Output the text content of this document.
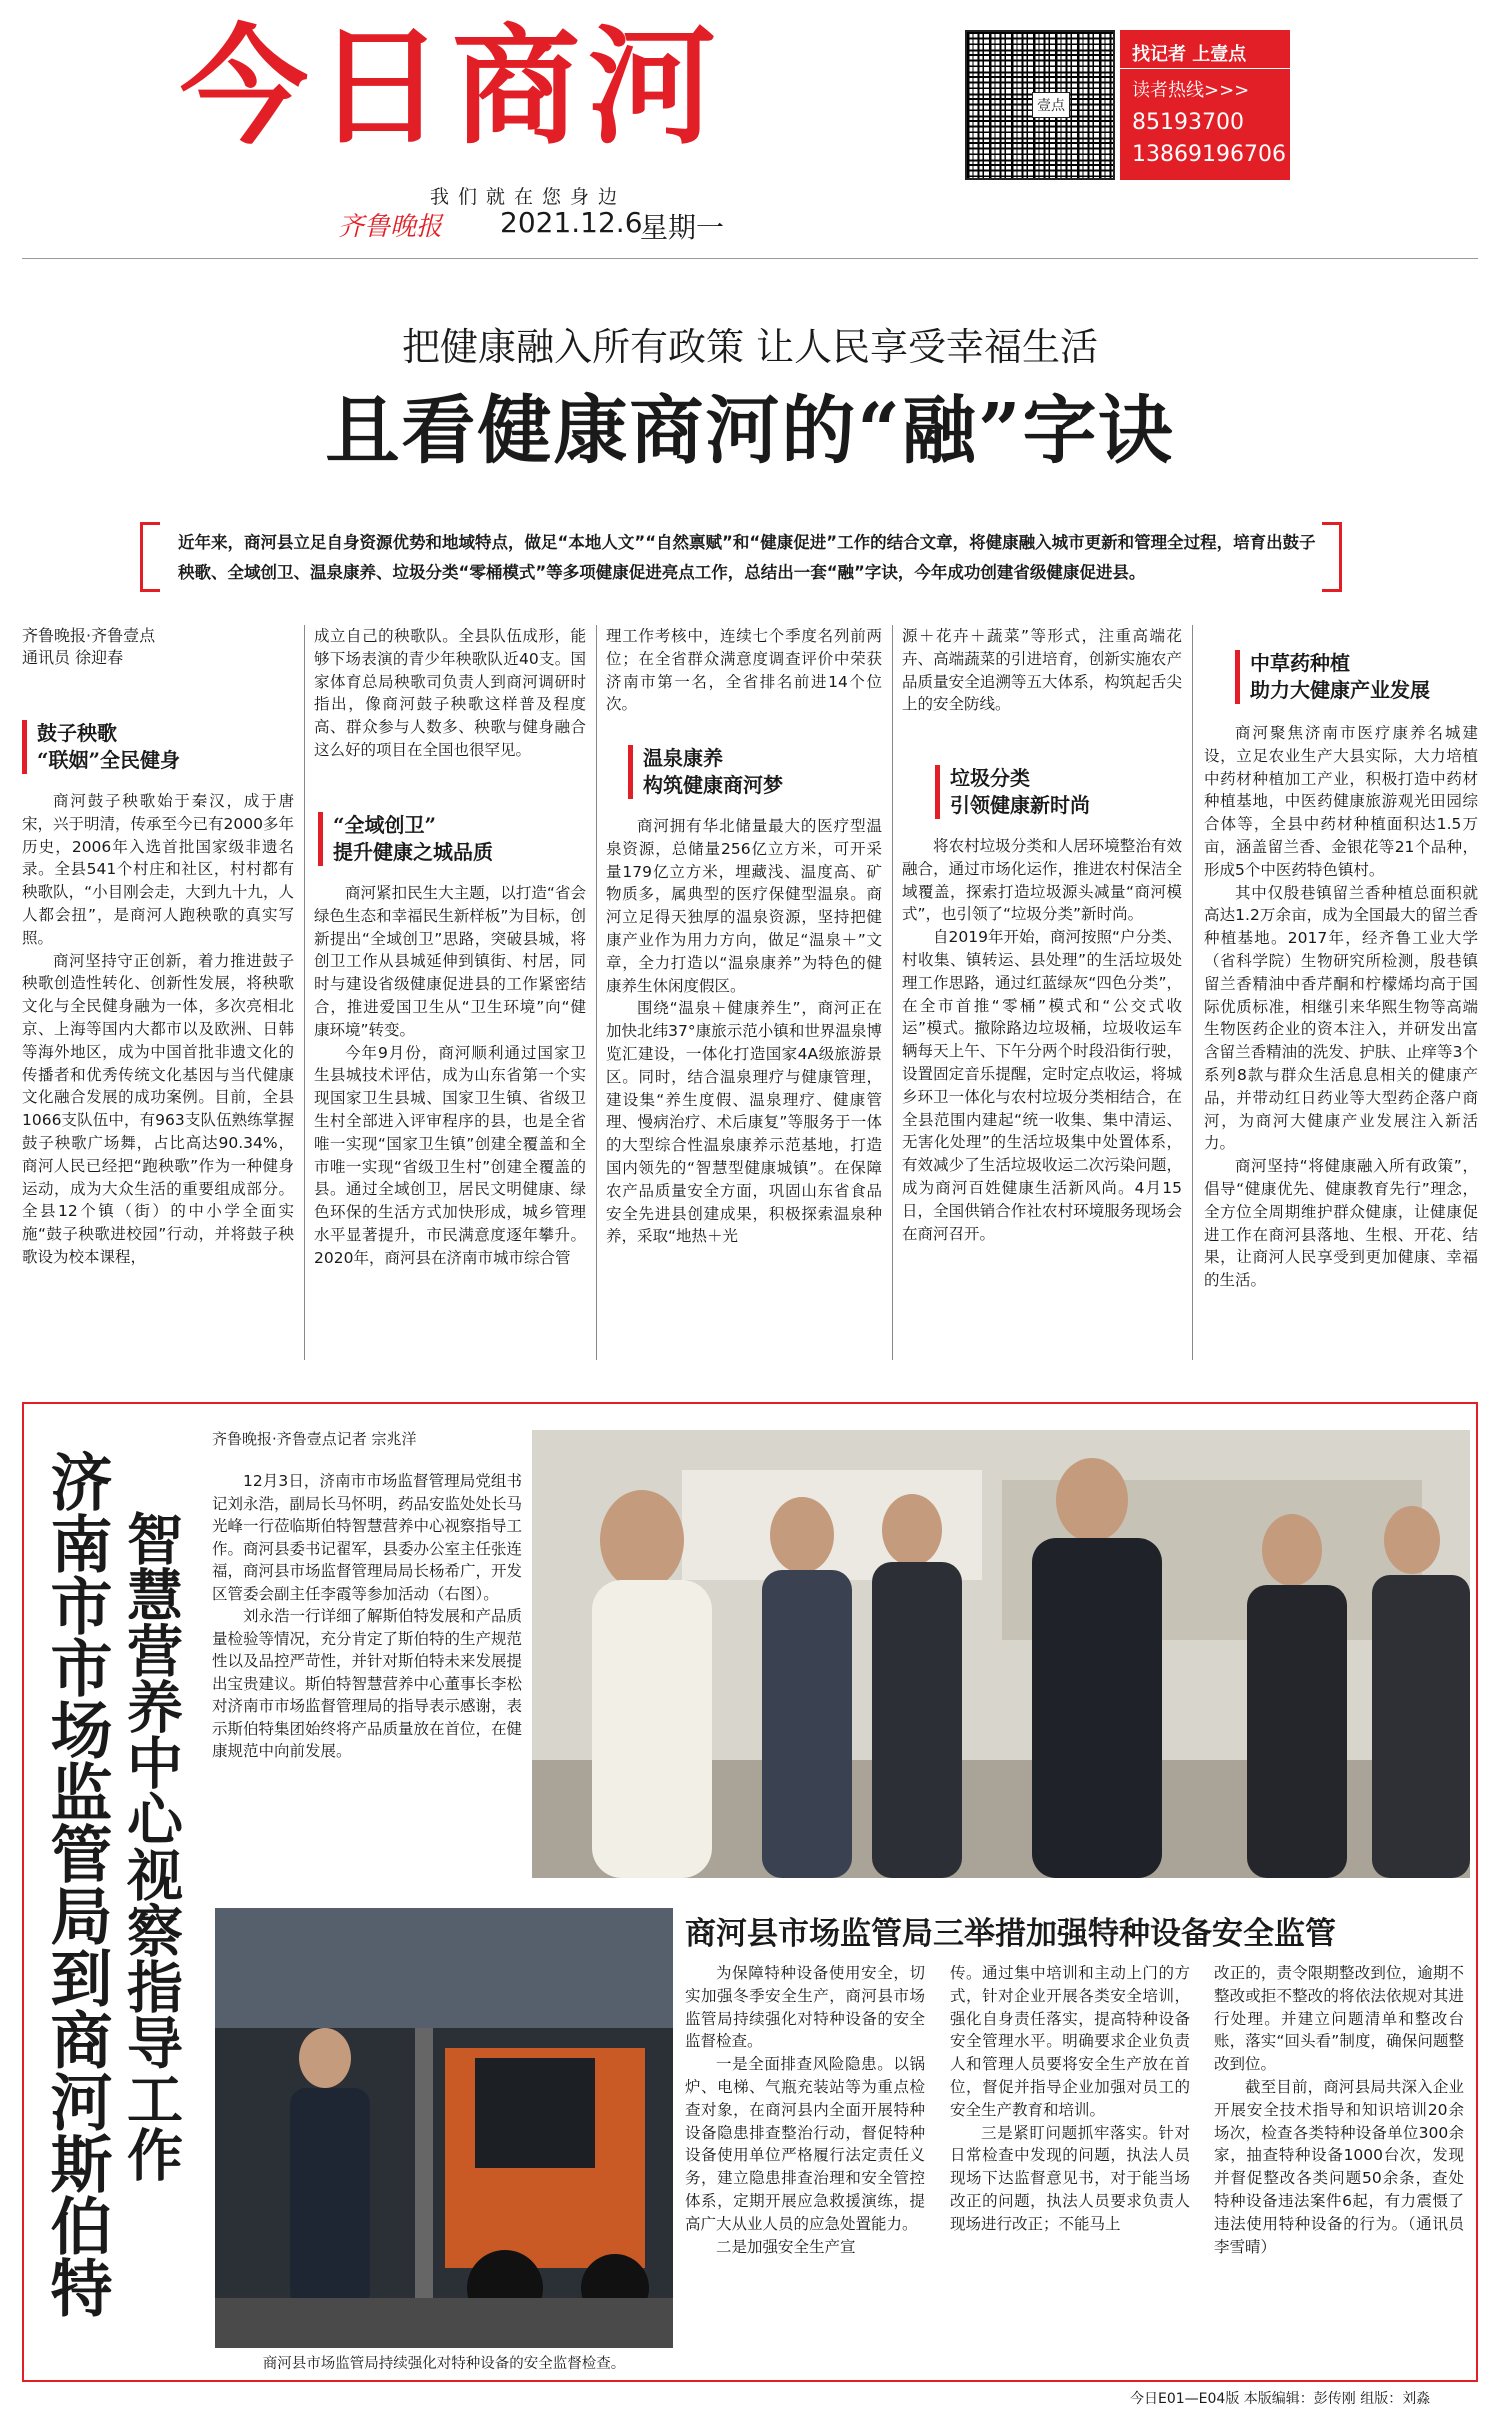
今日商河	壹点
找记者 上壹点
读者热线>>>
85193700
13869196706
我们就在您身边
齐鲁晚报 2021.12.6
星期一
把健康融入所有政策 让人民享受幸福生活
且看健康商河的“融”字诀
近年来，商河县立足自身资源优势和地域特点，做足“本地人文”“自然禀赋”和“健康促进”工作的结合文章，将健康融入城市更新和管理全过程，培育出鼓子秧歌、全域创卫、温泉康养、垃圾分类“零桶模式”等多项健康促进亮点工作，总结出一套“融”字诀，今年成功创建省级健康促进县。
齐鲁晚报·齐鲁壹点
通讯员 徐迎春
鼓子秧歌
“联姻”全民健身

商河鼓子秧歌始于秦汉，成于唐宋，兴于明清，传承至今已有2000多年历史，2006年入选首批国家级非遗名录。全县541个村庄和社区，村村都有秧歌队，“小目刚会走，大到九十九，人人都会扭”，是商河人跑秧歌的真实写照。

商河坚持守正创新，着力推进鼓子秧歌创造性转化、创新性发展，将秧歌文化与全民健身融为一体，多次亮相北京、上海等国内大都市以及欧洲、日韩等海外地区，成为中国首批非遗文化的传播者和优秀传统文化基因与当代健康文化融合发展的成功案例。目前，全县1066支队伍中，有963支队伍熟练掌握鼓子秧歌广场舞，占比高达90.34%，商河人民已经把“跑秧歌”作为一种健身运动，成为大众生活的重要组成部分。全县12个镇（街）的中小学全面实施“鼓子秧歌进校园”行动，并将鼓子秧歌设为校本课程，

成立自己的秧歌队。全县队伍成形，能够下场表演的青少年秧歌队近40支。国家体育总局秧歌司负责人到商河调研时指出，像商河鼓子秧歌这样普及程度高、群众参与人数多、秧歌与健身融合这么好的项目在全国也很罕见。

“全域创卫”
提升健康之城品质

商河紧扣民生大主题，以打造“省会绿色生态和幸福民生新样板”为目标，创新提出“全域创卫”思路，突破县城，将创卫工作从县城延伸到镇街、村居，同时与建设省级健康促进县的工作紧密结合，推进爱国卫生从“卫生环境”向“健康环境”转变。

今年9月份，商河顺利通过国家卫生县城技术评估，成为山东省第一个实现国家卫生县城、国家卫生镇、省级卫生村全部进入评审程序的县，也是全省唯一实现“国家卫生镇”创建全覆盖和全市唯一实现“省级卫生村”创建全覆盖的县。通过全域创卫，居民文明健康、绿色环保的生活方式加快形成，城乡管理水平显著提升，市民满意度逐年攀升。2020年，商河县在济南市城市综合管

理工作考核中，连续七个季度名列前两位；在全省群众满意度调查评价中荣获济南市第一名，全省排名前进14个位次。

温泉康养
构筑健康商河梦

商河拥有华北储量最大的医疗型温泉资源，总储量256亿立方米，可开采量179亿立方米，埋藏浅、温度高、矿物质多，属典型的医疗保健型温泉。商河立足得天独厚的温泉资源，坚持把健康产业作为用力方向，做足“温泉＋”文章，全力打造以“温泉康养”为特色的健康养生休闲度假区。

围绕“温泉＋健康养生”，商河正在加快北纬37°康旅示范小镇和世界温泉博览汇建设，一体化打造国家4A级旅游景区。同时，结合温泉理疗与健康管理，建设集“养生度假、温泉理疗、健康管理、慢病治疗、术后康复”等服务于一体的大型综合性温泉康养示范基地，打造国内领先的“智慧型健康城镇”。在保障农产品质量安全方面，巩固山东省食品安全先进县创建成果，积极探索温泉种养，采取“地热＋光

源＋花卉＋蔬菜”等形式，注重高端花卉、高端蔬菜的引进培育，创新实施农产品质量安全追溯等五大体系，构筑起舌尖上的安全防线。

垃圾分类
引领健康新时尚

将农村垃圾分类和人居环境整治有效融合，通过市场化运作，推进农村保洁全域覆盖，探索打造垃圾源头减量“商河模式”，也引领了“垃圾分类”新时尚。

自2019年开始，商河按照“户分类、村收集、镇转运、县处理”的生活垃圾处理工作思路，通过红蓝绿灰“四色分类”，在全市首推“零桶”模式和“公交式收运”模式。撤除路边垃圾桶，垃圾收运车辆每天上午、下午分两个时段沿街行驶，设置固定音乐提醒，定时定点收运，将城乡环卫一体化与农村垃圾分类相结合，在全县范围内建起“统一收集、集中清运、无害化处理”的生活垃圾集中处置体系，有效减少了生活垃圾收运二次污染问题，成为商河百姓健康生活新风尚。4月15日，全国供销合作社农村环境服务现场会在商河召开。

中草药种植
助力大健康产业发展

商河聚焦济南市医疗康养名城建设，立足农业生产大县实际，大力培植中药材种植加工产业，积极打造中药材种植基地，中医药健康旅游观光田园综合体等，全县中药材种植面积达1.5万亩，涵盖留兰香、金银花等21个品种，形成5个中医药特色镇村。

其中仅殷巷镇留兰香种植总面积就高达1.2万余亩，成为全国最大的留兰香种植基地。2017年，经齐鲁工业大学（省科学院）生物研究所检测，殷巷镇留兰香精油中香芹酮和柠檬烯均高于国际优质标准，相继引来华熙生物等高端生物医药企业的资本注入，并研发出富含留兰香精油的洗发、护肤、止痒等3个系列8款与群众生活息息相关的健康产品，并带动红日药业等大型药企落户商河，为商河大健康产业发展注入新活力。

商河坚持“将健康融入所有政策”，倡导“健康优先、健康教育先行”理念，全方位全周期维护群众健康，让健康促进工作在商河县落地、生根、开花、结果，让商河人民享受到更加健康、幸福的生活。

济南市市场监管局到商河斯伯特 智慧营养中心视察指导工作
齐鲁晚报·齐鲁壹点记者 宗兆洋

12月3日，济南市市场监督管理局党组书记刘永浩，副局长马怀明，药品安监处处长马光峰一行莅临斯伯特智慧营养中心视察指导工作。商河县委书记翟军，县委办公室主任张连福，商河县市场监督管理局局长杨希广，开发区管委会副主任李霞等参加活动（右图）。

刘永浩一行详细了解斯伯特发展和产品质量检验等情况，充分肯定了斯伯特的生产规范性以及品控严苛性，并针对斯伯特未来发展提出宝贵建议。斯伯特智慧营养中心董事长李松对济南市市场监督管理局的指导表示感谢，表示斯伯特集团始终将产品质量放在首位，在健康规范中向前发展。

商河县市场监管局持续强化对特种设备的安全监督检查。
商河县市场监管局三举措加强特种设备安全监管

为保障特种设备使用安全，切实加强冬季安全生产，商河县市场监管局持续强化对特种设备的安全监督检查。

一是全面排查风险隐患。以锅炉、电梯、气瓶充装站等为重点检查对象，在商河县内全面开展特种设备隐患排查整治行动，督促特种设备使用单位严格履行法定责任义务，建立隐患排查治理和安全管控体系，定期开展应急救援演练，提高广大从业人员的应急处置能力。

二是加强安全生产宣

传。通过集中培训和主动上门的方式，针对企业开展各类安全培训，强化自身责任落实，提高特种设备安全管理水平。明确要求企业负责人和管理人员要将安全生产放在首位，督促并指导企业加强对员工的安全生产教育和培训。

三是紧盯问题抓牢落实。针对日常检查中发现的问题，执法人员现场下达监督意见书，对于能当场改正的问题，执法人员要求负责人现场进行改正；不能马上

改正的，责令限期整改到位，逾期不整改或拒不整改的将依法依规对其进行处理。并建立问题清单和整改台账，落实“回头看”制度，确保问题整改到位。

截至目前，商河县局共深入企业开展安全技术指导和知识培训20余场次，检查各类特种设备单位300余家，抽查特种设备1000台次，发现并督促整改各类问题50余条，查处特种设备违法案件6起，有力震慑了违法使用特种设备的行为。（通讯员 李雪晴）

今日E01—E04版 本版编辑：彭传刚 组版：刘淼
